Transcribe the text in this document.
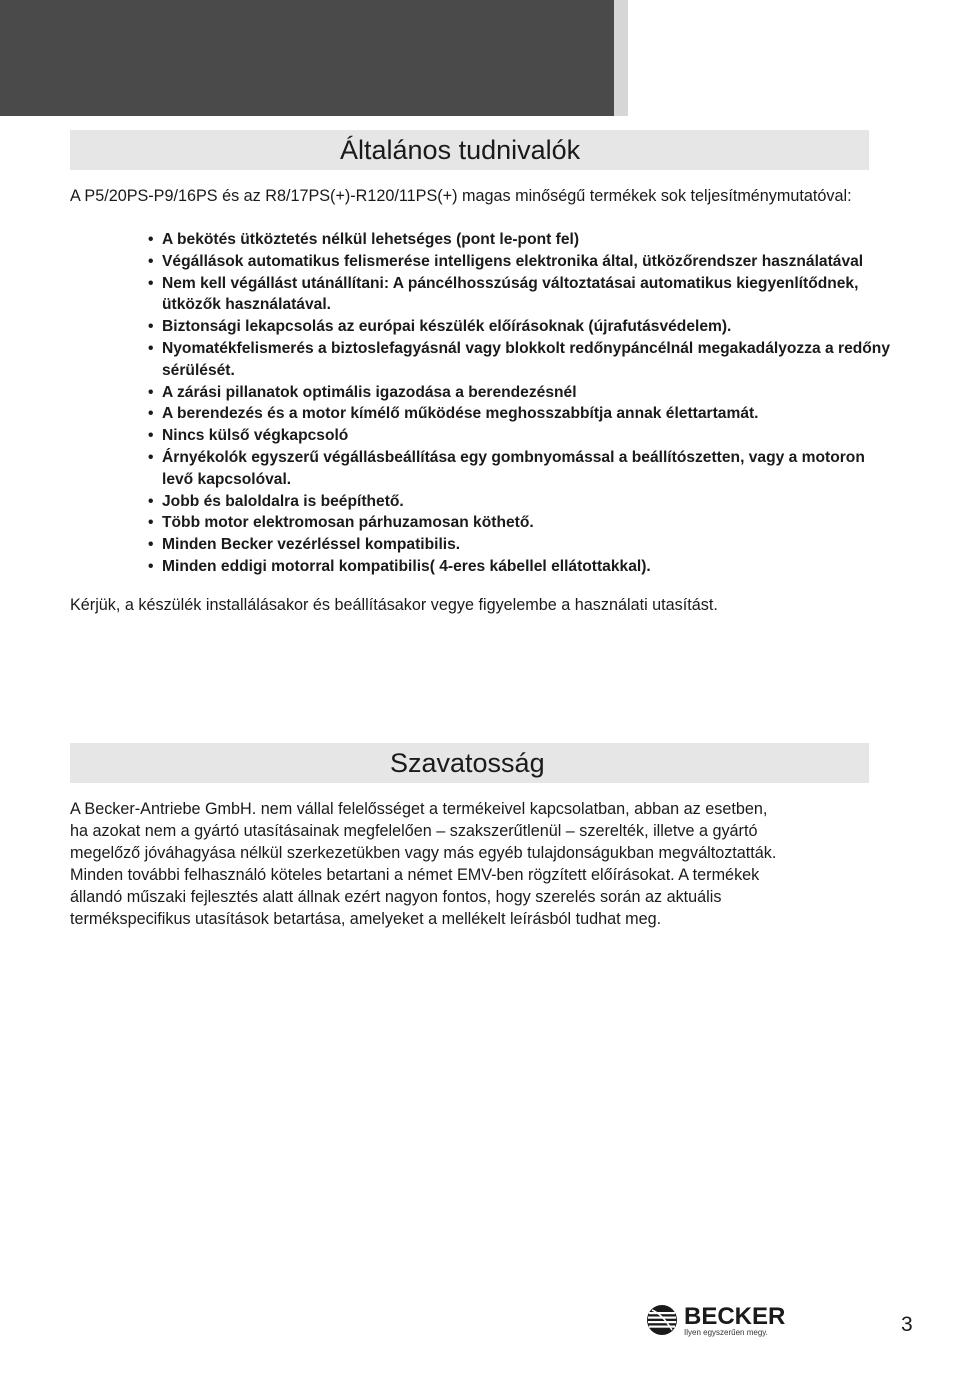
Általános tudnivalók
A P5/20PS-P9/16PS és az R8/17PS(+)-R120/11PS(+) magas minőségű termékek sok teljesítménymutatóval:
• A bekötés ütköztetés nélkül lehetséges (pont le-pont fel)
• Végállások automatikus felismerése intelligens elektronika által, ütközőrendszer használatával
• Nem kell végállást utánállítani: A páncélhosszúság változtatásai automatikus kiegyenlítődnek, ütközők használatával.
• Biztonsági lekapcsolás az európai készülék előírásoknak (újrafutásvédelem).
• Nyomatékfelismerés a biztoslefagyásnál vagy blokkolt redőnypáncélnál megakadályozza a redőny sérülését.
• A zárási pillanatok optimális igazodása a berendezésnél
• A berendezés és a motor kímélő működése meghosszabbítja annak élettartamát.
• Nincs külső végkapcsoló
• Árnyékolók egyszerű végállásbeállítása egy gombnyomással a beállítószetten, vagy a motoron levő kapcsolóval.
• Jobb és baloldalra is beépíthető.
• Több motor elektromosan párhuzamosan köthető.
• Minden Becker vezérléssel kompatibilis.
• Minden eddigi motorral kompatibilis( 4-eres kábellel ellátottakkal).
Kérjük, a készülék installálásakor és beállításakor vegye figyelembe a használati utasítást.
Szavatosság
A Becker-Antriebe GmbH. nem vállal felelősséget a termékeivel kapcsolatban, abban az esetben,
ha azokat nem a gyártó utasításainak megfelelően – szakszerűtlenül – szerelték, illetve a gyártó
megelőző jóváhagyása nélkül szerkezetükben vagy más egyéb tulajdonságukban megváltoztatták.
Minden további felhasználó köteles betartani a német EMV-ben rögzített előírásokat. A termékek
állandó műszaki fejlesztés alatt állnak ezért nagyon fontos, hogy szerelés során az aktuális
termékspecifikus utasítások betartása, amelyeket a mellékelt leírásból tudhat meg.
BECKER
Ilyen egyszerűen megy.	3
